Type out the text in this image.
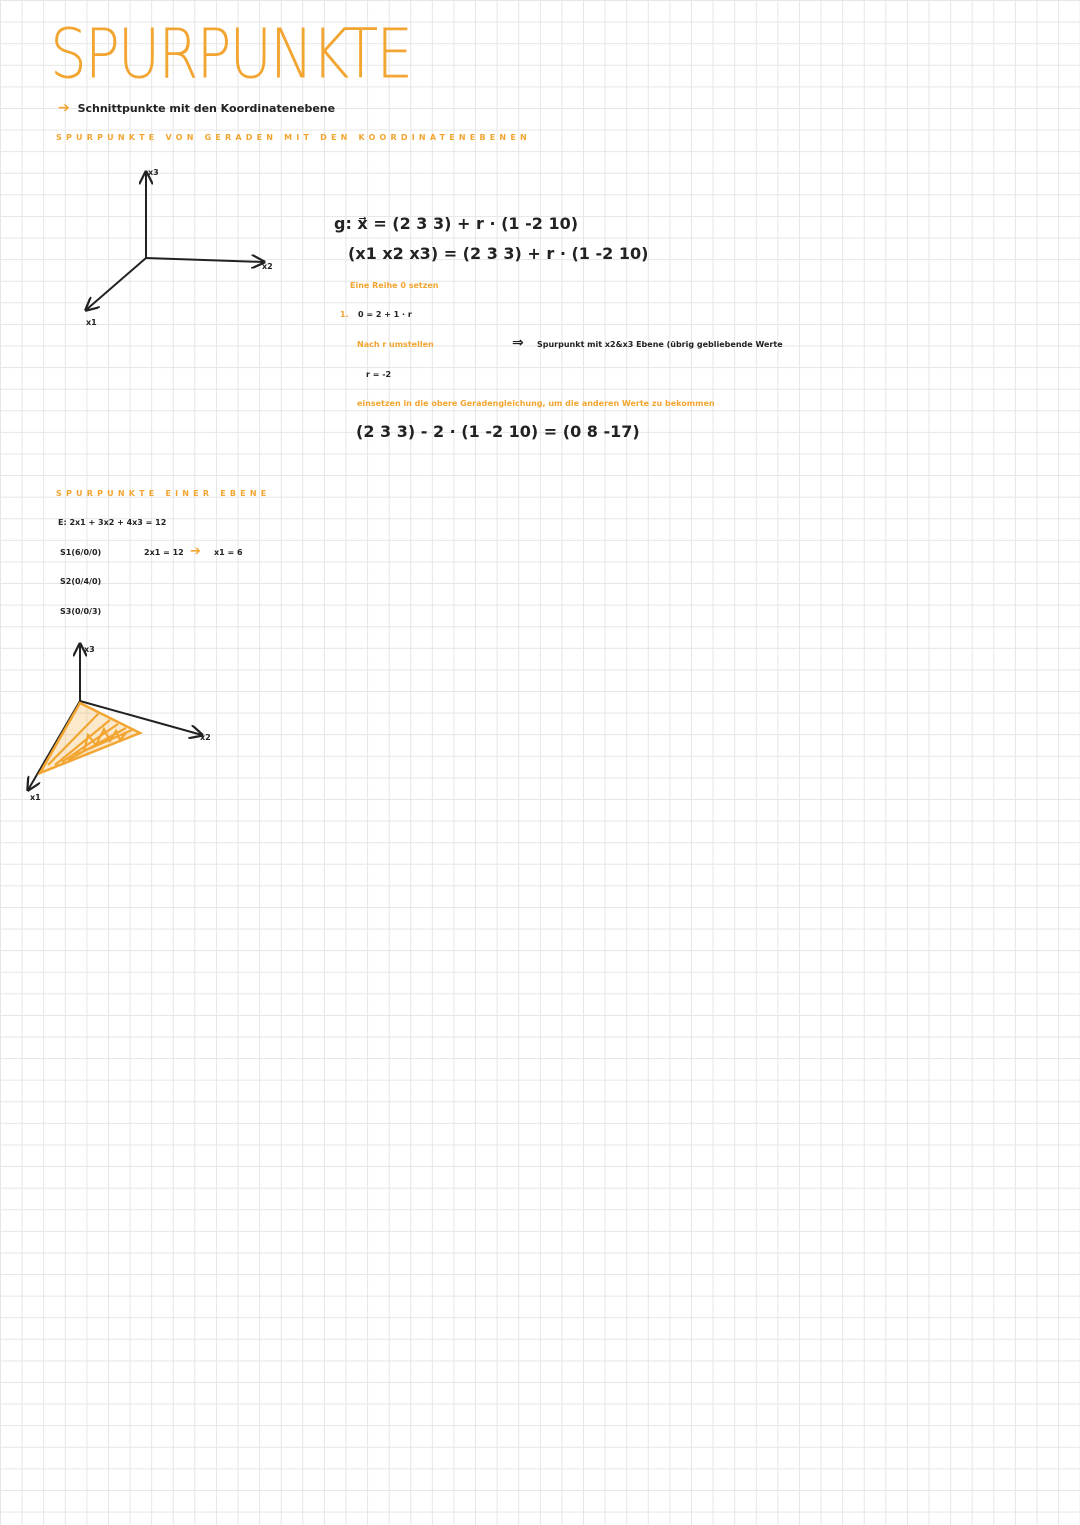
SPURPUNKTE
➔ Schnittpunkte mit den Koordinatenebene
SPURPUNKTE VON GERADEN MIT DEN KOORDINATENEBENEN
x3
x2
x1
g: x⃗ = (2 3 3) + r · (1 -2 10)
(x1 x2 x3) = (2 3 3) + r · (1 -2 10)
Eine Reihe 0 setzen
1. 0 = 2 + 1 · r
Nach r umstellen	⇒ Spurpunkt mit x2&x3 Ebene (übrig gebliebende Werte
r = -2
einsetzen in die obere Geradengleichung, um die anderen Werte zu bekommen
(2 3 3) - 2 · (1 -2 10) = (0 8 -17)
SPURPUNKTE EINER EBENE
E: 2x1 + 3x2 + 4x3 = 12
S1(6/0/0)	2x1 = 12 ➔ x1 = 6
S2(0/4/0)
S3(0/0/3)
x3
x2
x1
